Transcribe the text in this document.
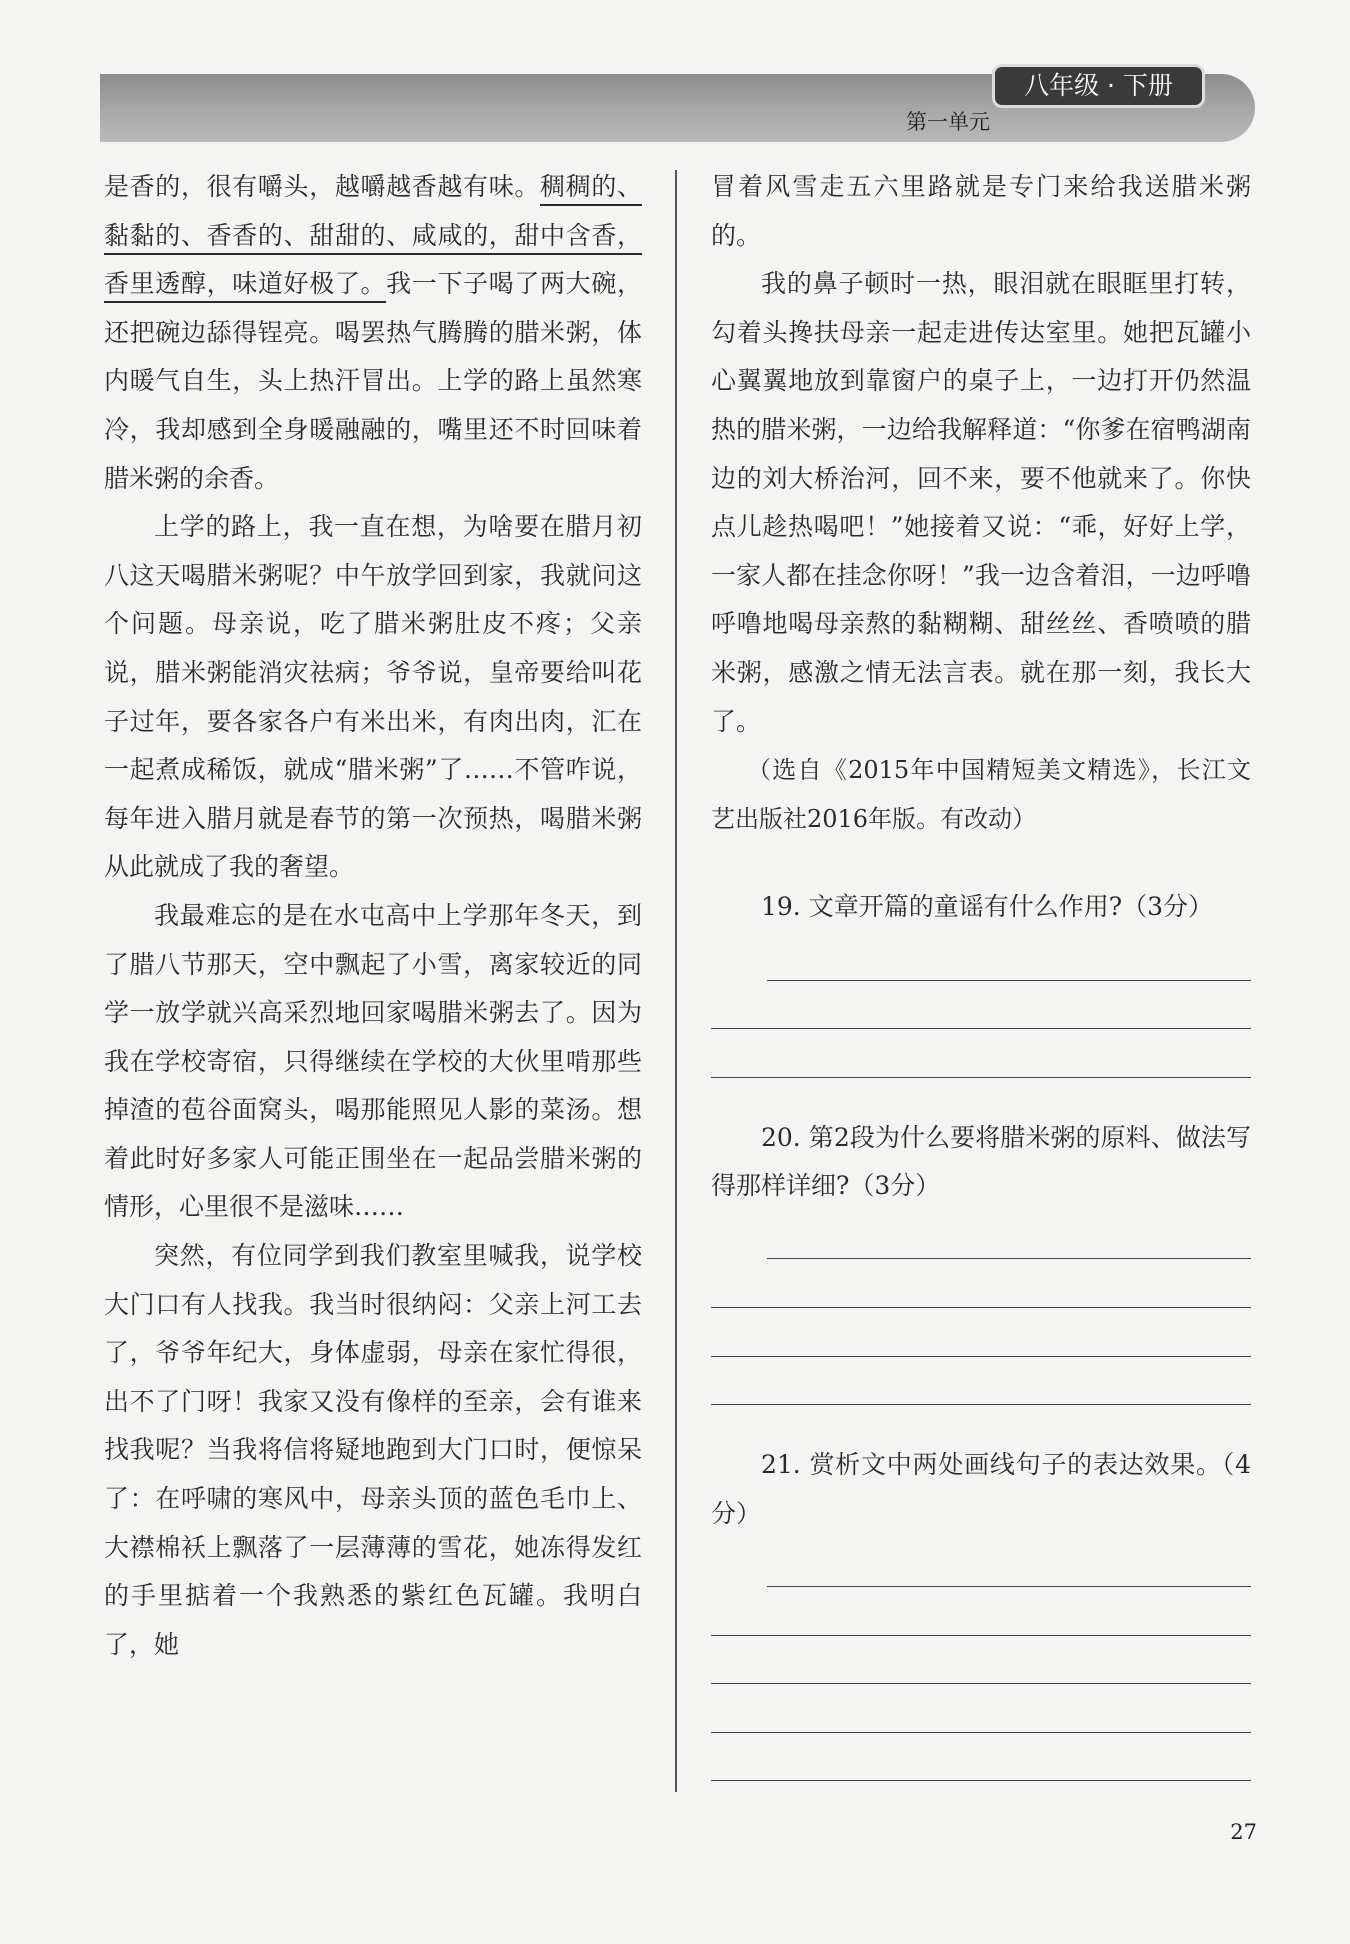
八年级 · 下册
第一单元

是香的，很有嚼头，越嚼越香越有味。稠稠的、黏黏的、香香的、甜甜的、咸咸的，甜中含香，香里透醇，味道好极了。我一下子喝了两大碗，还把碗边舔得锃亮。喝罢热气腾腾的腊米粥，体内暖气自生，头上热汗冒出。上学的路上虽然寒冷，我却感到全身暖融融的，嘴里还不时回味着腊米粥的余香。

上学的路上，我一直在想，为啥要在腊月初八这天喝腊米粥呢？中午放学回到家，我就问这个问题。母亲说，吃了腊米粥肚皮不疼；父亲说，腊米粥能消灾祛病；爷爷说，皇帝要给叫花子过年，要各家各户有米出米，有肉出肉，汇在一起煮成稀饭，就成“腊米粥”了……不管咋说，每年进入腊月就是春节的第一次预热，喝腊米粥从此就成了我的奢望。

我最难忘的是在水屯高中上学那年冬天，到了腊八节那天，空中飘起了小雪，离家较近的同学一放学就兴高采烈地回家喝腊米粥去了。因为我在学校寄宿，只得继续在学校的大伙里啃那些掉渣的苞谷面窝头，喝那能照见人影的菜汤。想着此时好多家人可能正围坐在一起品尝腊米粥的情形，心里很不是滋味……

突然，有位同学到我们教室里喊我，说学校大门口有人找我。我当时很纳闷：父亲上河工去了，爷爷年纪大，身体虚弱，母亲在家忙得很，出不了门呀！我家又没有像样的至亲，会有谁来找我呢？当我将信将疑地跑到大门口时，便惊呆了：在呼啸的寒风中，母亲头顶的蓝色毛巾上、大襟棉袄上飘落了一层薄薄的雪花，她冻得发红的手里掂着一个我熟悉的紫红色瓦罐。我明白了，她

冒着风雪走五六里路就是专门来给我送腊米粥的。

我的鼻子顿时一热，眼泪就在眼眶里打转，勾着头搀扶母亲一起走进传达室里。她把瓦罐小心翼翼地放到靠窗户的桌子上，一边打开仍然温热的腊米粥，一边给我解释道：“你爹在宿鸭湖南边的刘大桥治河，回不来，要不他就来了。你快点儿趁热喝吧！”她接着又说：“乖，好好上学，一家人都在挂念你呀！”我一边含着泪，一边呼噜呼噜地喝母亲熬的黏糊糊、甜丝丝、香喷喷的腊米粥，感激之情无法言表。就在那一刻，我长大了。

（选自《2015年中国精短美文精选》，长江文艺出版社2016年版。有改动）

19. 文章开篇的童谣有什么作用?（3分）

20. 第2段为什么要将腊米粥的原料、做法写得那样详细?（3分）

21. 赏析文中两处画线句子的表达效果。（4分）

27
